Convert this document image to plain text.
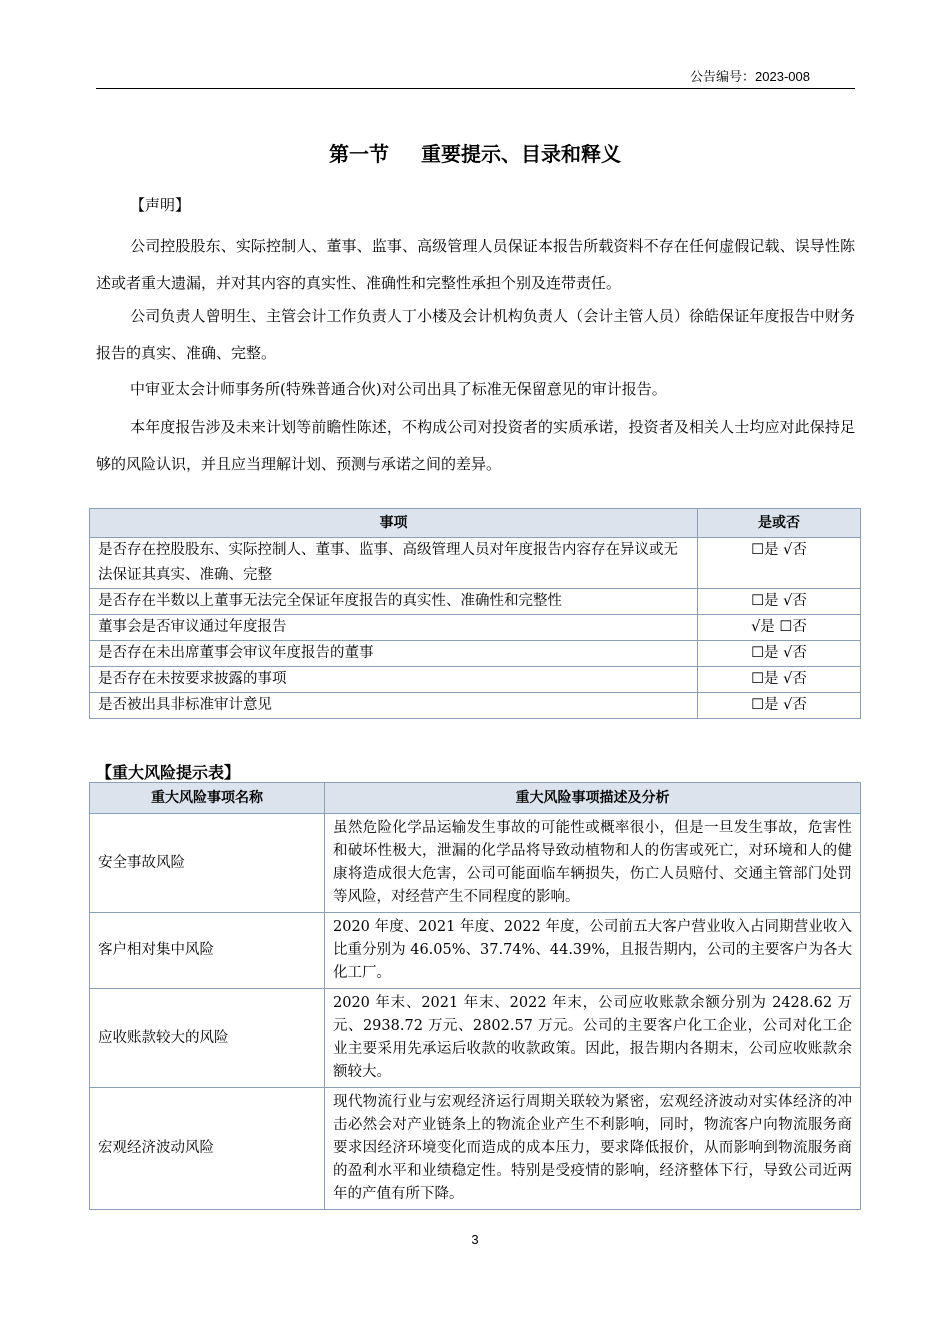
公告编号：2023-008
第一节 重要提示、目录和释义
【声明】
公司控股股东、实际控制人、董事、监事、高级管理人员保证本报告所载资料不存在任何虚假记载、误导性陈述或者重大遗漏，并对其内容的真实性、准确性和完整性承担个别及连带责任。
公司负责人曾明生、主管会计工作负责人丁小楼及会计机构负责人（会计主管人员）徐皓保证年度报告中财务报告的真实、准确、完整。
中审亚太会计师事务所(特殊普通合伙)对公司出具了标准无保留意见的审计报告。
本年度报告涉及未来计划等前瞻性陈述，不构成公司对投资者的实质承诺，投资者及相关人士均应对此保持足够的风险认识，并且应当理解计划、预测与承诺之间的差异。
事项	是或否
是否存在控股股东、实际控制人、董事、监事、高级管理人员对年度报告内容存在异议或无法保证其真实、准确、完整	☐是 √否
是否存在半数以上董事无法完全保证年度报告的真实性、准确性和完整性	☐是 √否
董事会是否审议通过年度报告	√是 ☐否
是否存在未出席董事会审议年度报告的董事	☐是 √否
是否存在未按要求披露的事项	☐是 √否
是否被出具非标准审计意见	☐是 √否
【重大风险提示表】
重大风险事项名称	重大风险事项描述及分析
安全事故风险	虽然危险化学品运输发生事故的可能性或概率很小，但是一旦发生事故，危害性和破坏性极大，泄漏的化学品将导致动植物和人的伤害或死亡，对环境和人的健康将造成很大危害，公司可能面临车辆损失，伤亡人员赔付、交通主管部门处罚等风险，对经营产生不同程度的影响。
客户相对集中风险	2020 年度、2021 年度、2022 年度，公司前五大客户营业收入占同期营业收入比重分别为 46.05%、37.74%、44.39%，且报告期内，公司的主要客户为各大化工厂。
应收账款较大的风险	2020 年末、2021 年末、2022 年末，公司应收账款余额分别为 2428.62 万元、2938.72 万元、2802.57 万元。公司的主要客户化工企业，公司对化工企业主要采用先承运后收款的收款政策。因此，报告期内各期末，公司应收账款余额较大。
宏观经济波动风险	现代物流行业与宏观经济运行周期关联较为紧密，宏观经济波动对实体经济的冲击必然会对产业链条上的物流企业产生不利影响，同时，物流客户向物流服务商要求因经济环境变化而造成的成本压力，要求降低报价，从而影响到物流服务商的盈利水平和业绩稳定性。特别是受疫情的影响，经济整体下行，导致公司近两年的产值有所下降。
3
